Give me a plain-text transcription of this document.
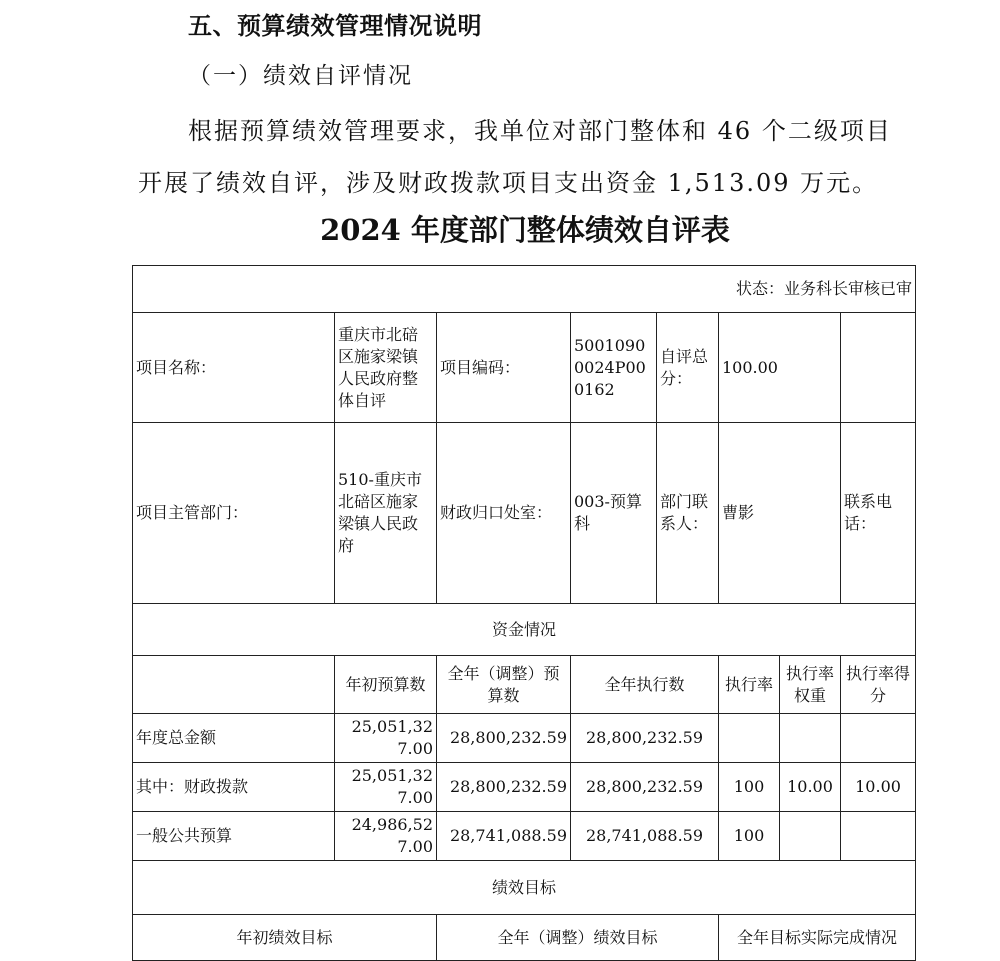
五、预算绩效管理情况说明
（一）绩效自评情况
根据预算绩效管理要求，我单位对部门整体和 46 个二级项目开展了绩效自评，涉及财政拨款项目支出资金 1,513.09 万元。
2024 年度部门整体绩效自评表
状态：业务科长审核已审								
项目名称：	重庆市北碚区施家梁镇人民政府整体自评	项目编码：	50010900024P000162	自评总分：	100.00			
项目主管部门：	510-重庆市北碚区施家梁镇人民政府	财政归口处室：	003-预算科	部门联系人：	曹影		联系电话：	
资金情况								
	年初预算数	全年（调整）预算数	全年执行数		执行率	执行率权重	执行率得分	
年度总金额	25,051,327.00	28,800,232.59	28,800,232.59					
其中：财政拨款	25,051,327.00	28,800,232.59	28,800,232.59		100	10.00	10.00	
一般公共预算	24,986,527.00	28,741,088.59	28,741,088.59		100			
绩效目标								
年初绩效目标		全年（调整）绩效目标			全年目标实际完成情况			
